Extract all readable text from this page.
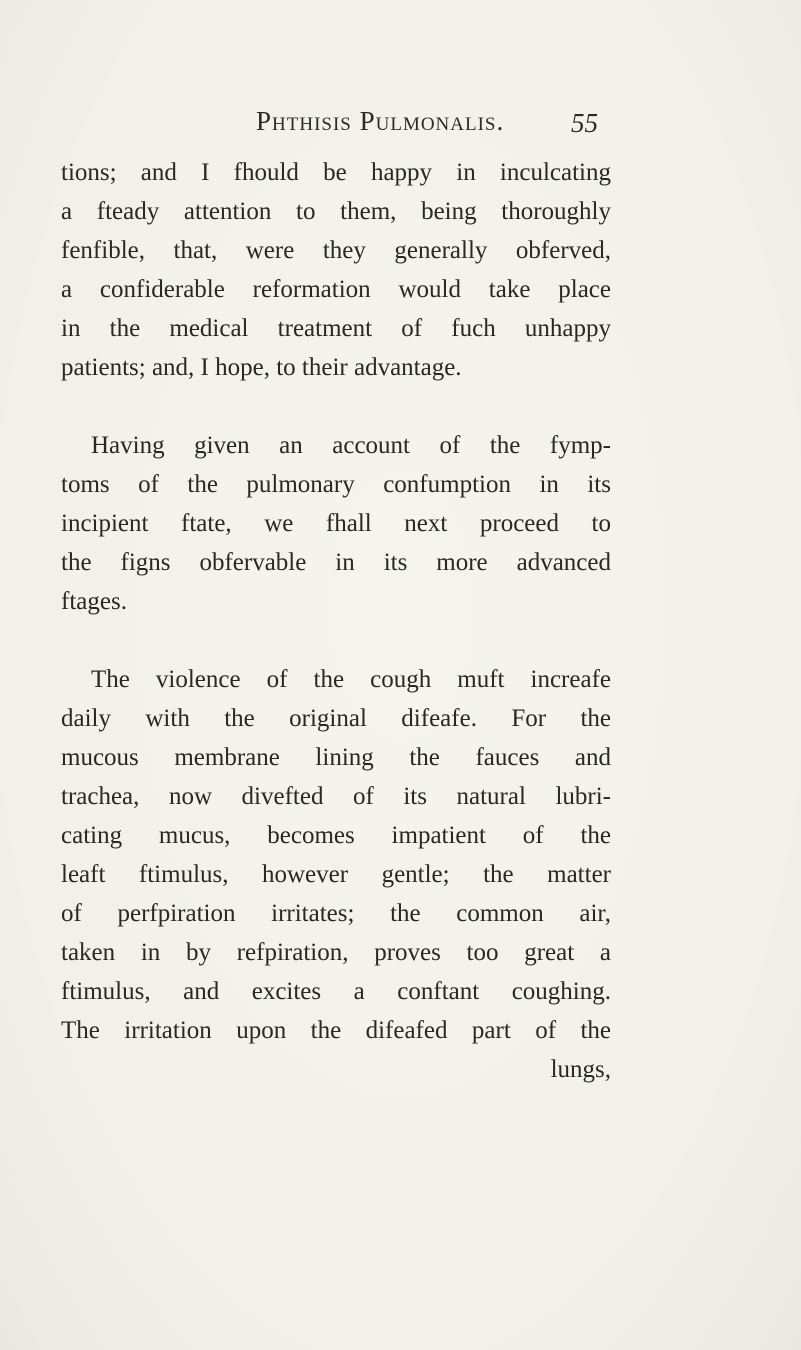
Phthisis Pulmonalis. 55
tions; and I fhould be happy in inculcating
a fteady attention to them, being thoroughly
fenfible, that, were they generally obferved,
a confiderable reformation would take place
in the medical treatment of fuch unhappy
patients; and, I hope, to their advantage.
Having given an account of the fymp-
toms of the pulmonary confumption in its
incipient ftate, we fhall next proceed to
the figns obfervable in its more advanced
ftages.
The violence of the cough muft increafe
daily with the original difeafe. For the
mucous membrane lining the fauces and
trachea, now divefted of its natural lubri-
cating mucus, becomes impatient of the
leaft ftimulus, however gentle; the matter
of perfpiration irritates; the common air,
taken in by refpiration, proves too great a
ftimulus, and excites a conftant coughing.
The irritation upon the difeafed part of the
lungs,
